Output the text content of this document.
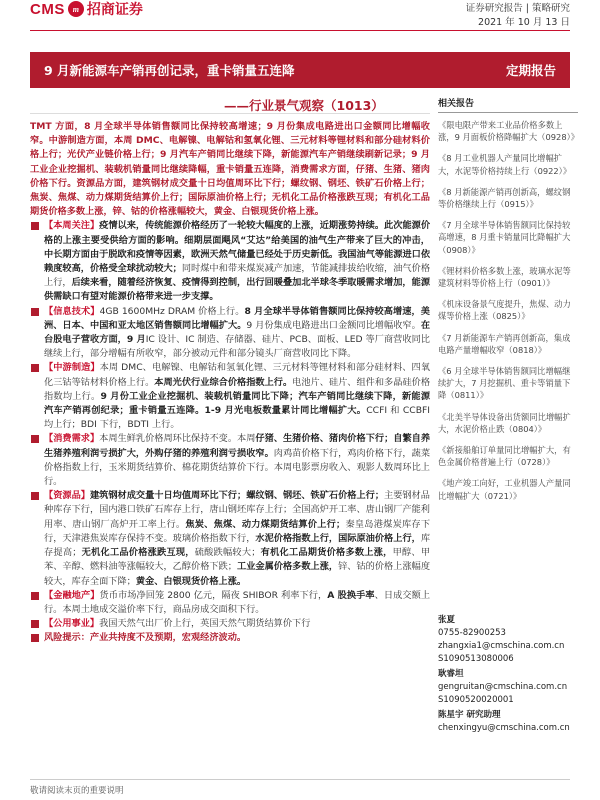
CMS m 招商证券	证券研究报告 | 策略研究
2021 年 10 月 13 日
9 月新能源车产销再创记录，重卡销量五连降	定期报告
——行业景气观察（1013）

TMT 方面，8 月全球半导体销售额同比保持较高增速；9 月份集成电路进出口金额同比增幅收窄。中游制造方面，本周 DMC、电解镍、电解钴和氢氧化锂、三元材料等锂材料和部分硅材料价格上行；光伏产业链价格上行；9 月汽车产销同比继续下降，新能源汽车产销继续刷新记录；9 月工业企业挖掘机、装载机销量同比继续降幅，重卡销量五连降，消费需求方面，仔猪、生猪、猪肉价格下行。资源品方面，建筑钢材成交量十日均值周环比下行；螺纹钢、钢坯、铁矿石价格上行；焦炭、焦煤、动力煤期货结算价上行；国际原油价格上行；无机化工品价格涨跌互现；有机化工品期货价格多数上涨，锌、钴的价格涨幅较大，黄金、白银现货价格上涨。

【本周关注】疫情以来，传统能源价格经历了一轮较大幅度的上涨，近期涨势持续。此次能源价格的上涨主要受供给方面的影响。细期层面飓风“艾达”给美国的油气生产带来了巨大的冲击，中长期方面由于脱欧和疫情等因素，欧洲天然气储量已经处于历史新低。我国油气等能源进口依赖度较高，价格受全球扰动较大；同时煤中和带来煤炭减产加速，节能减排拔给收缩，油气价格上行，后续来看，随着经济恢复、疫情得到控制，出行回暖叠加北半球冬季取暖需求增加，能源供需缺口有望对能源价格带来进一步支撑。
【信息技术】4GB 1600MHz DRAM 价格上行。8 月全球半导体销售额同比保持较高增速，美洲、日本、中国和亚太地区销售额同比增幅扩大。9 月份集成电路进出口金额同比增幅收窄。在台股电子营收方面，9 月IC 设计、IC 制造、存储器、硅片、PCB、面板、LED 等厂商营收同比继续上行，部分增幅有所收窄，部分被动元件和部分镜头厂商营收同比下降。
【中游制造】本周 DMC、电解镍、电解钴和氢氧化锂、三元材料等锂材料和部分硅材料、四氧化三钴等钴材料价格上行。本周光伏行业综合价格指数上行。电池片、硅片、组件和多晶硅价格指数均上行。9 月份工业企业挖掘机、装载机销量同比下降；汽车产销同比继续下降，新能源汽车产销再创纪录；重卡销量五连降。1-9 月光电板数量累计同比增幅扩大。CCFI 和 CCBFI 均上行；BDI 下行，BDTI 上行。
【消费需求】本周生鲜乳价格周环比保持不变。本周仔猪、生猪价格、猪肉价格下行；自繁自养生猪养殖利润亏损扩大，外购仔猪的养殖利润亏损收窄。肉鸡苗价格下行，鸡肉价格下行，蔬菜价格指数上行，玉米期货结算价、棉花期货结算价下行。本周电影票房收入、观影人数周环比上行。
【资源品】建筑钢材成交量十日均值周环比下行；螺纹钢、钢坯、铁矿石价格上行；主要钢材品种库存下行，国内港口铁矿石库存上行，唐山钢坯库存上行；全国高炉开工率、唐山钢厂产能利用率、唐山钢厂高炉开工率上行。焦炭、焦煤、动力煤期货结算价上行；秦皇岛港煤炭库存下行，天津港焦炭库存保持不变。玻璃价格指数下行，水泥价格指数上行，国际原油价格上行，库存提高；无机化工品价格涨跌互现，硫酸跌幅较大；有机化工品期货价格多数上涨，甲醇、甲苯、辛醇、燃料油等涨幅较大，乙醇价格下跌；工业金属价格多数上涨，锌、钴的价格上涨幅度较大，库存全面下降；黄金、白银现货价格上涨。
【金融地产】货币市场净回笼 2800 亿元，隔夜 SHIBOR 利率下行，A 股换手率、日成交额上行。本周土地成交溢价率下行，商品房成交面积下行。
【公用事业】我国天然气出厂价上行，英国天然气期货结算价下行
风险提示：产业共持度不及预期，宏观经济波动。
相关报告
《限电限产带来工业品价格多数上涨，9 月面板价格降幅扩大（0928）》
《8 月工业机器人产量同比增幅扩大，水泥等价格持续上行（0922）》
《8 月新能源产销再创新高，螺纹钢等价格继续上行（0915）》
《7 月全球半导体销售额同比保持较高增速，8 月重卡销量同比降幅扩大（0908）》
《锂材料价格多数上涨，玻璃水泥等建筑材料等价格上行（0901）》
《机床设备景气度提升，焦煤、动力煤等价格上涨（0825）》
《7 月新能源车产销再创新高，集成电路产量增幅收窄（0818）》
《6 月全球半导体销售额同比增幅继续扩大，7 月挖掘机、重卡等销量下降（0811）》
《北美半导体设备出货额同比增幅扩大，水泥价格止跌（0804）》
《新接船舶订单量同比增幅扩大，有色金属价格普遍上行（0728）》
《地产竣工向好，工业机器人产量同比增幅扩大（0721）》
张夏
0755-82900253
zhangxia1@cmschina.com.cn
S1090513080006
耿睿坦
gengruitan@cmschina.com.cn
S1090520020001
陈星宇 研究助理
chenxingyu@cmschina.com.cn
敬请阅读末页的重要说明
